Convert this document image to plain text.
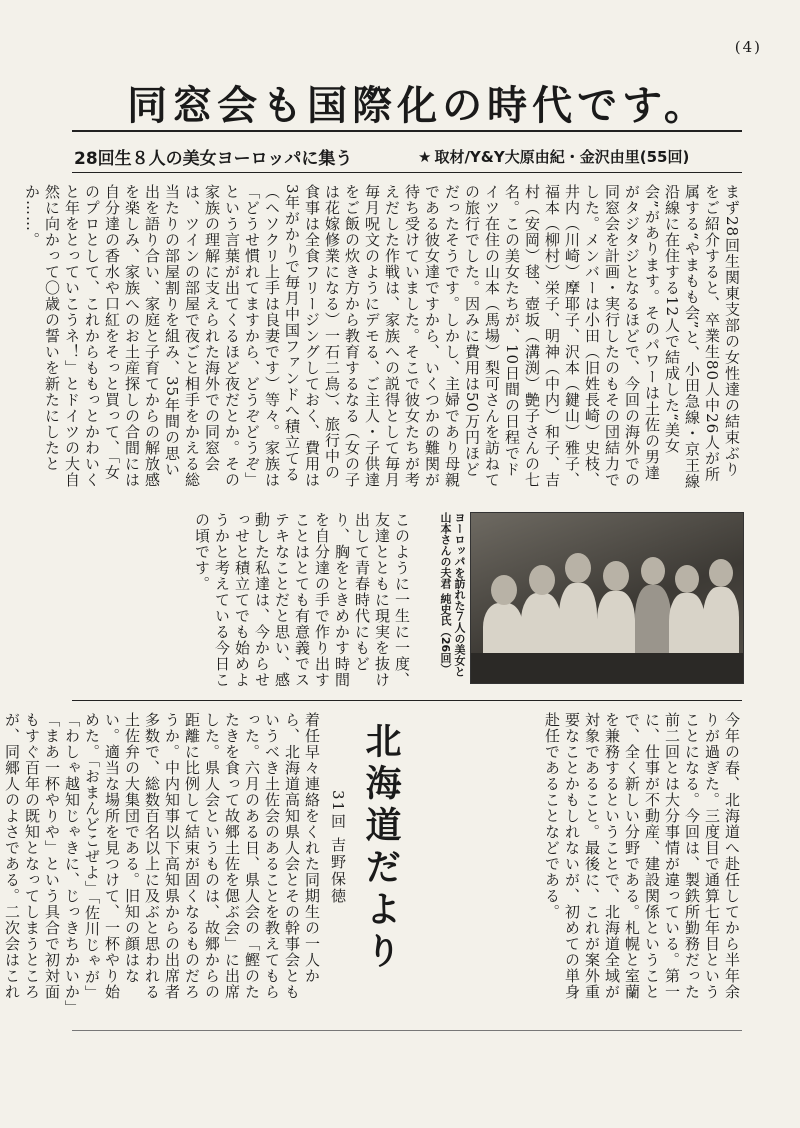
(4)
同窓会も国際化の時代です。
28回生８人の美女ヨーロッパに集う	★ 取材/Y&Y大原由紀・金沢由里(55回)
まず28回生関東支部の女性達の結束ぶりをご紹介すると、卒業生80人中26人が所属する“やまもも会”と、小田急線・京王線沿線に在住する12人で結成した“美女会”があります。そのパワーは土佐の男達がタジタジとなるほどで、今回の海外での同窓会を計画・実行したのもその団結力でした。メンバーは小田（旧姓長崎）史枝、井内（川崎）摩耶子、沢本（鍵山）雅子、福本（柳村）栄子、明神（中内）和子、吉村（安岡）毬、壺坂（溝渕）艶子さんの七名。この美女たちが、10日間の日程でドイツ在住の山本（馬場）梨可さんを訪ねての旅行でした。因みに費用は50万円ほどだったそうです。しかし、主婦であり母親である彼女達ですから、いくつかの難関が待ち受けていました。そこで彼女たちが考えだした作戦は、家族への説得として毎月毎月呪文のようにデモる、ご主人・子供達をご飯の炊き方から教育するなる（女の子は花嫁修業になる）一石二鳥）、旅行中の食事は全食フリージングしておく、費用は3年がかりで毎月中国ファンドへ積立てる（ヘソクリ上手は良妻です）等々。家族は「どうせ慣れてますから、どうぞどうぞ」という言葉が出てくるほど夜だとか。その家族の理解に支えられた海外での同窓会は、ツインの部屋で夜ごと相手をかえる総当たりの部屋割りを組み、35年間の思い出を語り合い、家庭と子育てからの解放感を楽しみ、家族へのお土産探しの合間には自分達の香水や口紅をそっと買って、「女のプロとして、これからももっとかわいくと年をとっていこうネ！」とドイツの大自然に向かって〇歳の誓いを新たにしたとか……。
このように一生に一度、友達とともに現実を抜け出して青春時代にもどり、胸をときめかす時間を自分達の手で作り出すことはとても有意義でステキなことだと思い、感動した私達は、今からせっせと積立てでも始めようかと考えている今日この頃です。	ヨーロッパを訪れた７人の美女と山本さんの夫君 純史氏（26回）
今年の春、北海道へ赴任してから半年余りが過ぎた。三度目で通算七年目ということになる。今回は、製鉄所勤務だった前二回とは大分事情が違っている。第一に、仕事が不動産、建設関係ということで、全く新しい分野である。札幌と室蘭を兼務するということで、北海道全域が対象であること。最後に、これが案外重要なことかもしれないが、初めての単身赴任であることなどである。
北海道だより
31回 吉野保徳
着任早々連絡をくれた同期生の一人から、北海道高知県人会とその幹事会ともいうべき土佐会のあることを教えてもらった。六月のある日、県人会の「鰹のたたきを食って故郷土佐を偲ぶ会」に出席した。県人会というものは、故郷からの距離に比例して結束が固くなるものだろうか。中内知事以下高知県からの出席者多数で、総数百名以上に及ぶと思われる土佐弁の大集団である。旧知の顔はない。適当な場所を見つけて、一杯やり始めた。「おまんどこぜよ」「佐川じゃが」「わしゃ越知じゃきに、じっきちかいか」「まあ一杯やりや」という具合で初対面もすぐ百年の既知となってしまうところが、同郷人のよさである。二次会はこれ
